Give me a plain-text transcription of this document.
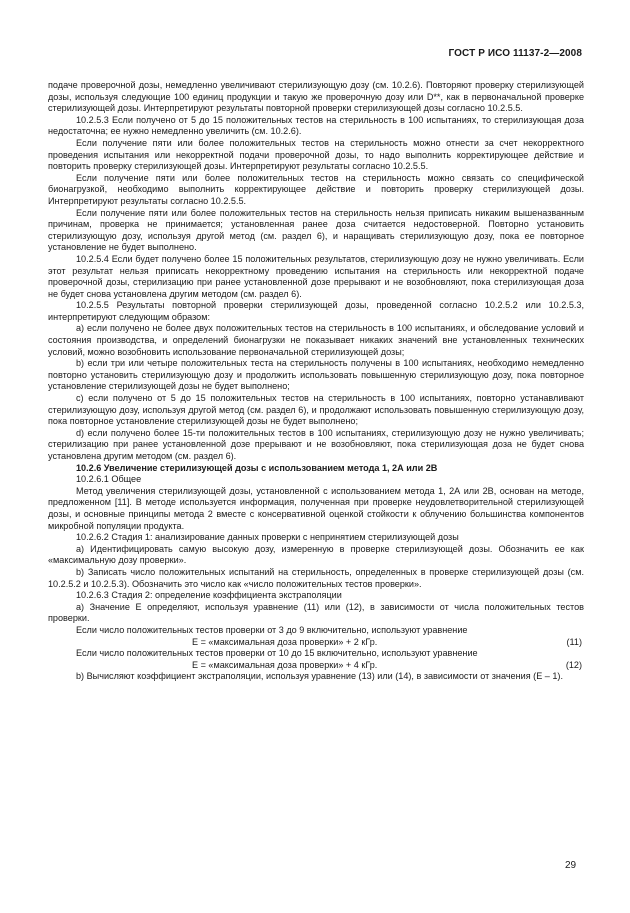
ГОСТ Р ИСО 11137-2—2008

подаче проверочной дозы, немедленно увеличивают стерилизующую дозу (см. 10.2.6). Повторяют проверку стерилизующей дозы, используя следующие 100 единиц продукции и такую же проверочную дозу или D**, как в первоначальной проверке стерилизующей дозы. Интерпретируют результаты повторной проверки стерилизующей дозы согласно 10.2.5.5.

10.2.5.3 Если получено от 5 до 15 положительных тестов на стерильность в 100 испытаниях, то стерилизующая доза недостаточна; ее нужно немедленно увеличить (см. 10.2.6).

Если получение пяти или более положительных тестов на стерильность можно отнести за счет некорректного проведения испытания или некорректной подачи проверочной дозы, то надо выполнить корректирующее действие и повторить проверку стерилизующей дозы. Интерпретируют результаты согласно 10.2.5.5.

Если получение пяти или более положительных тестов на стерильность можно связать со специфической бионагрузкой, необходимо выполнить корректирующее действие и повторить проверку стерилизующей дозы. Интерпретируют результаты согласно 10.2.5.5.

Если получение пяти или более положительных тестов на стерильность нельзя приписать никаким вышеназванным причинам, проверка не принимается; установленная ранее доза считается недостоверной. Повторно установить стерилизующую дозу, используя другой метод (см. раздел 6), и наращивать стерилизующую дозу, пока ее повторное установление не будет выполнено.

10.2.5.4 Если будет получено более 15 положительных результатов, стерилизующую дозу не нужно увеличивать. Если этот результат нельзя приписать некорректному проведению испытания на стерильность или некорректной подаче проверочной дозы, стерилизацию при ранее установленной дозе прерывают и не возобновляют, пока стерилизующая доза не будет снова установлена другим методом (см. раздел 6).

10.2.5.5 Результаты повторной проверки стерилизующей дозы, проведенной согласно 10.2.5.2 или 10.2.5.3, интерпретируют следующим образом:

a) если получено не более двух положительных тестов на стерильность в 100 испытаниях, и обследование условий и состояния производства, и определений бионагрузки не показывает никаких значений вне установленных технических условий, можно возобновить использование первоначальной стерилизующей дозы;

b) если три или четыре положительных теста на стерильность получены в 100 испытаниях, необходимо немедленно повторно установить стерилизующую дозу и продолжить использовать повышенную стерилизующую дозу, пока повторное установление стерилизующей дозы не будет выполнено;

c) если получено от 5 до 15 положительных тестов на стерильность в 100 испытаниях, повторно устанавливают стерилизующую дозу, используя другой метод (см. раздел 6), и продолжают использовать повышенную стерилизующую дозу, пока повторное установление стерилизующей дозы не будет выполнено;

d) если получено более 15-ти положительных тестов в 100 испытаниях, стерилизующую дозу не нужно увеличивать; стерилизацию при ранее установленной дозе прерывают и не возобновляют, пока стерилизующая доза не будет снова установлена другим методом (см. раздел 6).

10.2.6 Увеличение стерилизующей дозы с использованием метода 1, 2А или 2В

10.2.6.1 Общее

Метод увеличения стерилизующей дозы, установленной с использованием метода 1, 2А или 2В, основан на методе, предложенном [11]. В методе используется информация, полученная при проверке неудовлетворительной стерилизующей дозы, и основные принципы метода 2 вместе с консервативной оценкой стойкости к облучению большинства компонентов микробной популяции продукта.

10.2.6.2 Стадия 1: анализирование данных проверки с непринятием стерилизующей дозы

a) Идентифицировать самую высокую дозу, измеренную в проверке стерилизующей дозы. Обозначить ее как «максимальную дозу проверки».

b) Записать число положительных испытаний на стерильность, определенных в проверке стерилизующей дозы (см. 10.2.5.2 и 10.2.5.3). Обозначить это число как «число положительных тестов проверки».

10.2.6.3 Стадия 2: определение коэффициента экстраполяции

a) Значение E определяют, используя уравнение (11) или (12), в зависимости от числа положительных тестов проверки.

Если число положительных тестов проверки от 3 до 9 включительно, используют уравнение

E = «максимальная доза проверки» + 2 кГр.	(11)

Если число положительных тестов проверки от 10 до 15 включительно, используют уравнение

E = «максимальная доза проверки» + 4 кГр.	(12)

b) Вычисляют коэффициент экстраполяции, используя уравнение (13) или (14), в зависимости от значения (E – 1).

29
